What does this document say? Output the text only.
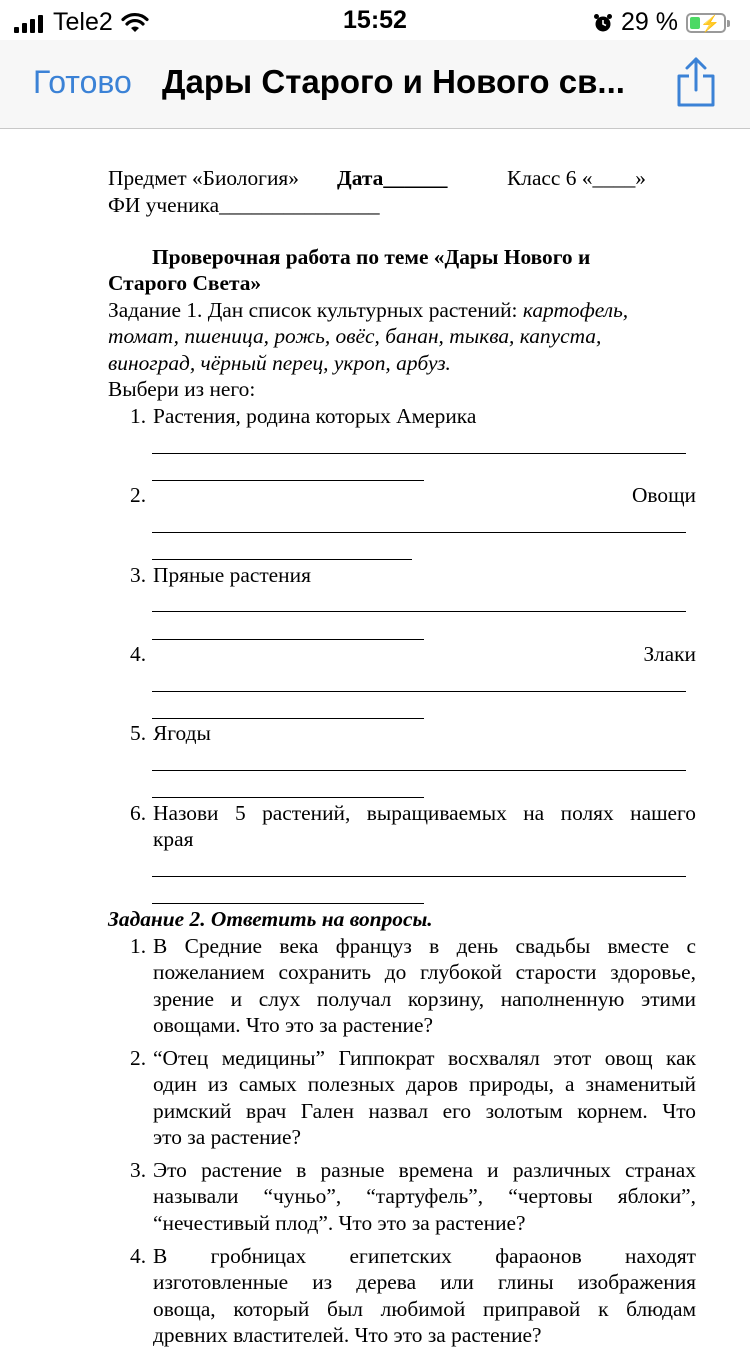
Tele2	15:52	29 % ⚡
Готово Дары Старого и Нового св...
Предмет «Биология» Дата______	Класс 6 «____»
ФИ ученика_______________
Проверочная работа по теме «Дары Нового и
Старого Света»
Задание 1. Дан список культурных растений: картофель,
томат, пшеница, рожь, овёс, банан, тыква, капуста,
виноград, чёрный перец, укроп, арбуз.
Выбери из него:
1. Растения, родина которых Америка
2.	Овощи
3. Пряные растения
4.	Злаки
5. Ягоды
6. Назови 5 растений, выращиваемых на полях нашего
края
Задание 2. Ответить на вопросы.
1. В Средние века француз в день свадьбы вместе с
пожеланием сохранить до глубокой старости здоровье,
зрение и слух получал корзину, наполненную этими
овощами. Что это за растение?
2. “Отец медицины” Гиппократ восхвалял этот овощ как
один из самых полезных даров природы, а знаменитый
римский врач Гален назвал его золотым корнем. Что
это за растение?
3. Это растение в разные времена и различных странах
называли “чуньо”, “тартуфель”, “чертовы яблоки”,
“нечестивый плод”. Что это за растение?
4. В гробницах египетских фараонов находят
изготовленные из дерева или глины изображения
овоща, который был любимой приправой к блюдам
древних властителей. Что это за растение?
